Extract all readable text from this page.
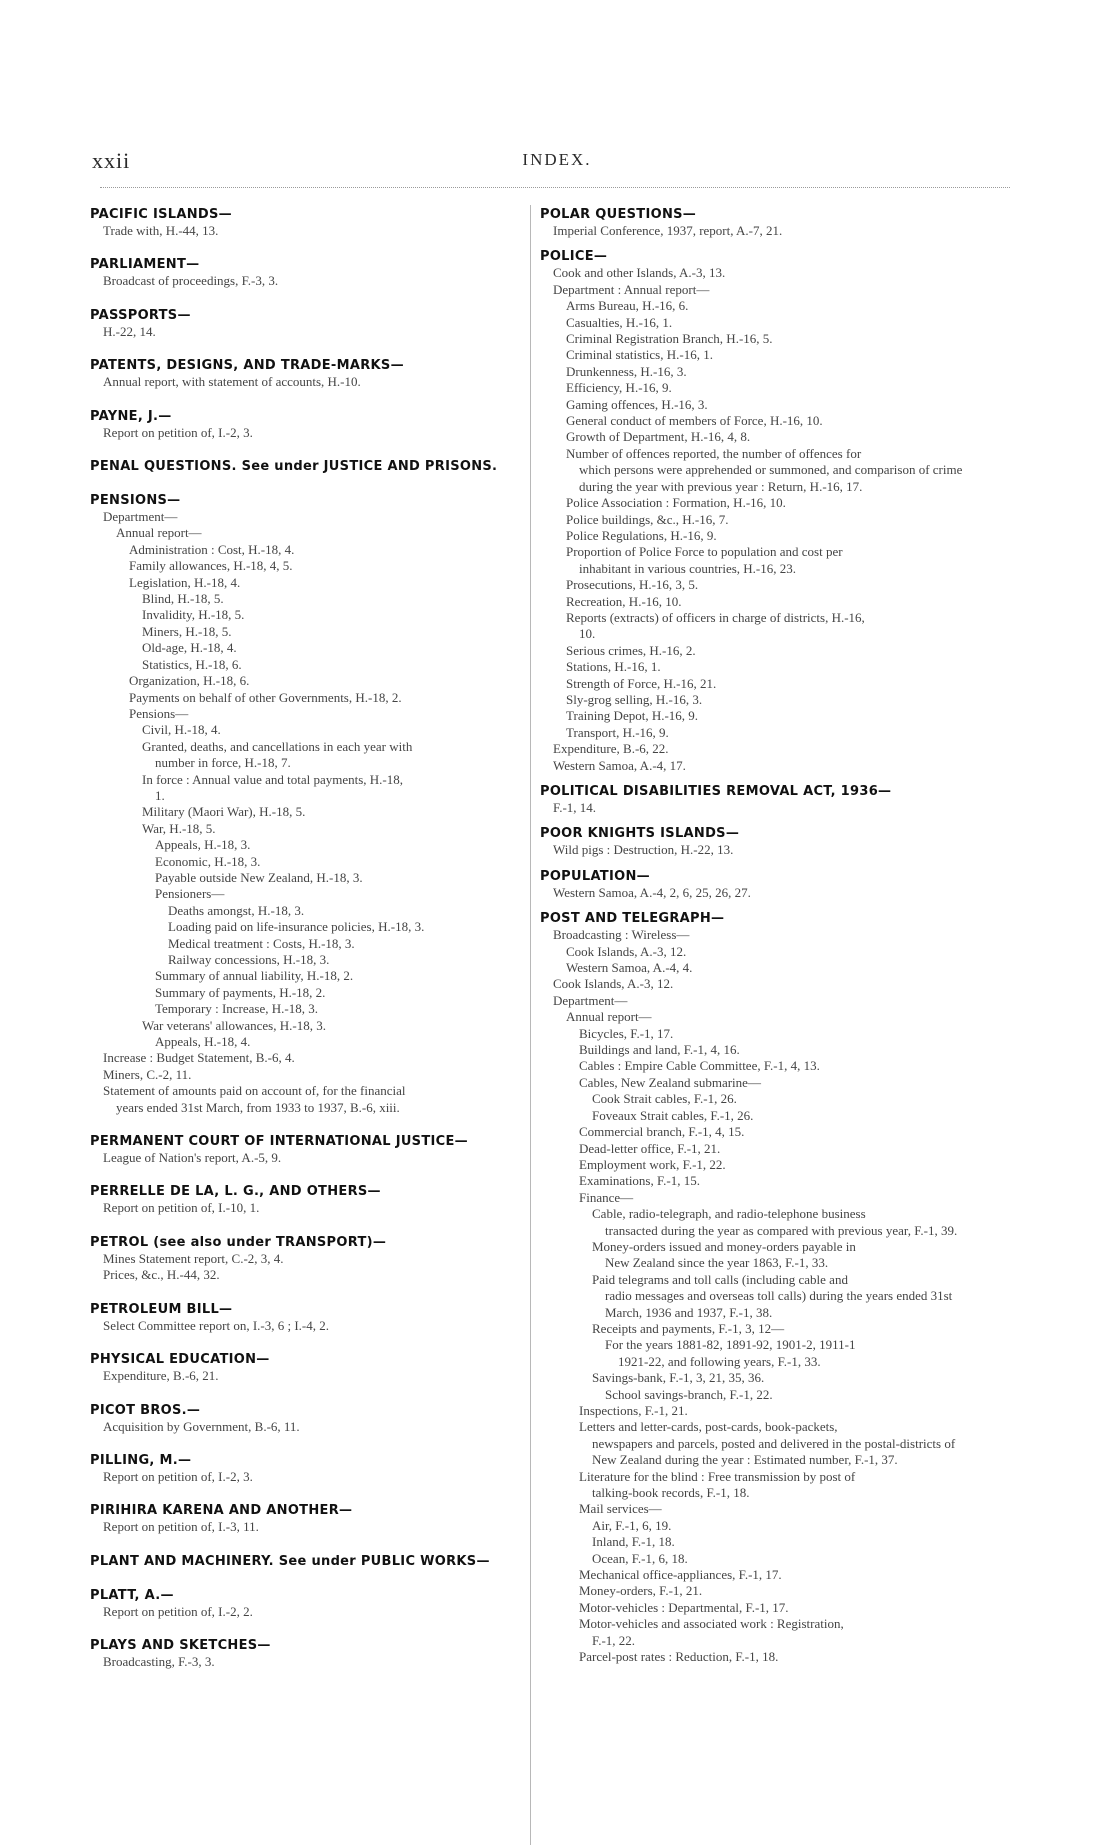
xxii	INDEX.
PACIFIC ISLANDS—
Trade with, H.-44, 13.
PARLIAMENT—
Broadcast of proceedings, F.-3, 3.
PASSPORTS—
H.-22, 14.
PATENTS, DESIGNS, AND TRADE-MARKS—
Annual report, with statement of accounts, H.-10.
PAYNE, J.—
Report on petition of, I.-2, 3.
PENAL QUESTIONS. See under JUSTICE AND PRISONS.
PENSIONS—
Department—
Annual report—
Administration : Cost, H.-18, 4.
Family allowances, H.-18, 4, 5.
Legislation, H.-18, 4.
Blind, H.-18, 5.
Invalidity, H.-18, 5.
Miners, H.-18, 5.
Old-age, H.-18, 4.
Statistics, H.-18, 6.
Organization, H.-18, 6.
Payments on behalf of other Governments, H.-18, 2.
Pensions—
Civil, H.-18, 4.
Granted, deaths, and cancellations in each year with
number in force, H.-18, 7.
In force : Annual value and total payments, H.-18,
1.
Military (Maori War), H.-18, 5.
War, H.-18, 5.
Appeals, H.-18, 3.
Economic, H.-18, 3.
Payable outside New Zealand, H.-18, 3.
Pensioners—
Deaths amongst, H.-18, 3.
Loading paid on life-insurance policies, H.-18, 3.
Medical treatment : Costs, H.-18, 3.
Railway concessions, H.-18, 3.
Summary of annual liability, H.-18, 2.
Summary of payments, H.-18, 2.
Temporary : Increase, H.-18, 3.
War veterans' allowances, H.-18, 3.
Appeals, H.-18, 4.
Increase : Budget Statement, B.-6, 4.
Miners, C.-2, 11.
Statement of amounts paid on account of, for the financial
years ended 31st March, from 1933 to 1937, B.-6, xiii.
PERMANENT COURT OF INTERNATIONAL JUSTICE—
League of Nation's report, A.-5, 9.
PERRELLE DE LA, L. G., AND OTHERS—
Report on petition of, I.-10, 1.
PETROL (see also under TRANSPORT)—
Mines Statement report, C.-2, 3, 4.
Prices, &c., H.-44, 32.
PETROLEUM BILL—
Select Committee report on, I.-3, 6 ; I.-4, 2.
PHYSICAL EDUCATION—
Expenditure, B.-6, 21.
PICOT BROS.—
Acquisition by Government, B.-6, 11.
PILLING, M.—
Report on petition of, I.-2, 3.
PIRIHIRA KARENA AND ANOTHER—
Report on petition of, I.-3, 11.
PLANT AND MACHINERY. See under PUBLIC WORKS—
PLATT, A.—
Report on petition of, I.-2, 2.
PLAYS AND SKETCHES—
Broadcasting, F.-3, 3.
POLAR QUESTIONS—
Imperial Conference, 1937, report, A.-7, 21.
POLICE—
Cook and other Islands, A.-3, 13.
Department : Annual report—
Arms Bureau, H.-16, 6.
Casualties, H.-16, 1.
Criminal Registration Branch, H.-16, 5.
Criminal statistics, H.-16, 1.
Drunkenness, H.-16, 3.
Efficiency, H.-16, 9.
Gaming offences, H.-16, 3.
General conduct of members of Force, H.-16, 10.
Growth of Department, H.-16, 4, 8.
Number of offences reported, the number of offences for
which persons were apprehended or summoned, and comparison of crime during the year with previous year : Return, H.-16, 17.
Police Association : Formation, H.-16, 10.
Police buildings, &c., H.-16, 7.
Police Regulations, H.-16, 9.
Proportion of Police Force to population and cost per
inhabitant in various countries, H.-16, 23.
Prosecutions, H.-16, 3, 5.
Recreation, H.-16, 10.
Reports (extracts) of officers in charge of districts, H.-16,
10.
Serious crimes, H.-16, 2.
Stations, H.-16, 1.
Strength of Force, H.-16, 21.
Sly-grog selling, H.-16, 3.
Training Depot, H.-16, 9.
Transport, H.-16, 9.
Expenditure, B.-6, 22.
Western Samoa, A.-4, 17.
POLITICAL DISABILITIES REMOVAL ACT, 1936—
F.-1, 14.
POOR KNIGHTS ISLANDS—
Wild pigs : Destruction, H.-22, 13.
POPULATION—
Western Samoa, A.-4, 2, 6, 25, 26, 27.
POST AND TELEGRAPH—
Broadcasting : Wireless—
Cook Islands, A.-3, 12.
Western Samoa, A.-4, 4.
Cook Islands, A.-3, 12.
Department—
Annual report—
Bicycles, F.-1, 17.
Buildings and land, F.-1, 4, 16.
Cables : Empire Cable Committee, F.-1, 4, 13.
Cables, New Zealand submarine—
Cook Strait cables, F.-1, 26.
Foveaux Strait cables, F.-1, 26.
Commercial branch, F.-1, 4, 15.
Dead-letter office, F.-1, 21.
Employment work, F.-1, 22.
Examinations, F.-1, 15.
Finance—
Cable, radio-telegraph, and radio-telephone business
transacted during the year as compared with previous year, F.-1, 39.
Money-orders issued and money-orders payable in
New Zealand since the year 1863, F.-1, 33.
Paid telegrams and toll calls (including cable and
radio messages and overseas toll calls) during the years ended 31st March, 1936 and 1937, F.-1, 38.
Receipts and payments, F.-1, 3, 12—
For the years 1881-82, 1891-92, 1901-2, 1911-1
1921-22, and following years, F.-1, 33.
Savings-bank, F.-1, 3, 21, 35, 36.
School savings-branch, F.-1, 22.
Inspections, F.-1, 21.
Letters and letter-cards, post-cards, book-packets,
newspapers and parcels, posted and delivered in the postal-districts of New Zealand during the year : Estimated number, F.-1, 37.
Literature for the blind : Free transmission by post of
talking-book records, F.-1, 18.
Mail services—
Air, F.-1, 6, 19.
Inland, F.-1, 18.
Ocean, F.-1, 6, 18.
Mechanical office-appliances, F.-1, 17.
Money-orders, F.-1, 21.
Motor-vehicles : Departmental, F.-1, 17.
Motor-vehicles and associated work : Registration,
F.-1, 22.
Parcel-post rates : Reduction, F.-1, 18.
